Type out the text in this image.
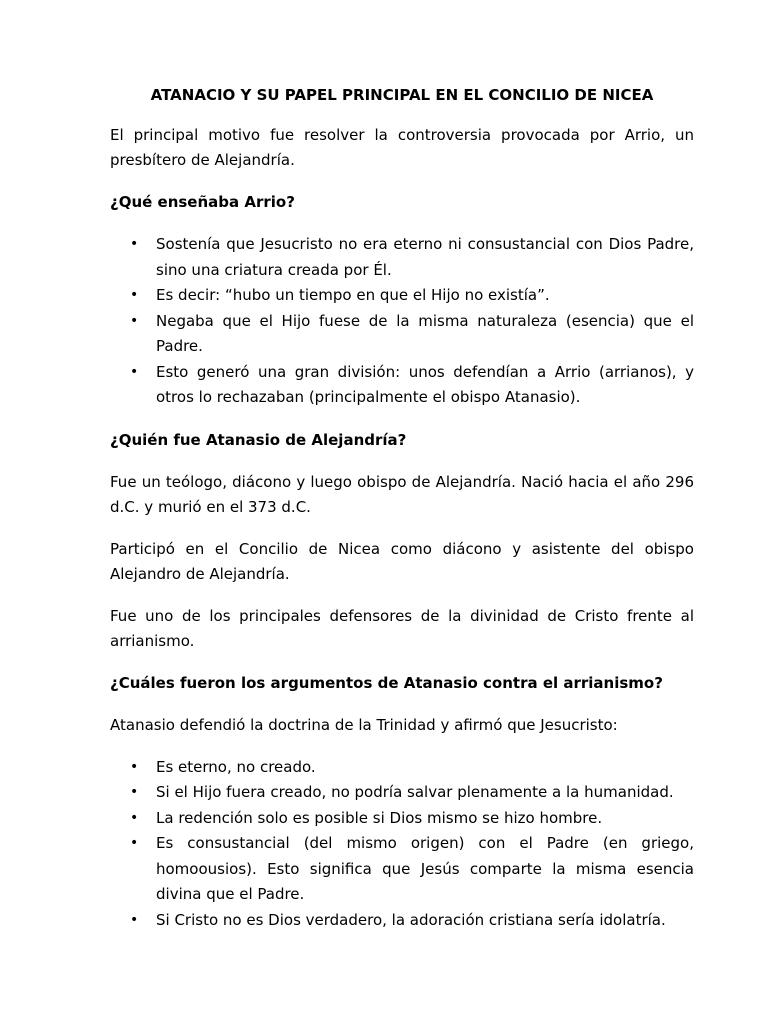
ATANACIO Y SU PAPEL PRINCIPAL EN EL CONCILIO DE NICEA

El principal motivo fue resolver la controversia provocada por Arrio, un presbítero de Alejandría.

¿Qué enseñaba Arrio?
• Sostenía que Jesucristo no era eterno ni consustancial con Dios Padre, sino una criatura creada por Él.
• Es decir: “hubo un tiempo en que el Hijo no existía”.
• Negaba que el Hijo fuese de la misma naturaleza (esencia) que el Padre.
• Esto generó una gran división: unos defendían a Arrio (arrianos), y otros lo rechazaban (principalmente el obispo Atanasio).
¿Quién fue Atanasio de Alejandría?

Fue un teólogo, diácono y luego obispo de Alejandría. Nació hacia el año 296 d.C. y murió en el 373 d.C.

Participó en el Concilio de Nicea como diácono y asistente del obispo Alejandro de Alejandría.

Fue uno de los principales defensores de la divinidad de Cristo frente al arrianismo.

¿Cuáles fueron los argumentos de Atanasio contra el arrianismo?

Atanasio defendió la doctrina de la Trinidad y afirmó que Jesucristo:

• Es eterno, no creado.
• Si el Hijo fuera creado, no podría salvar plenamente a la humanidad.
• La redención solo es posible si Dios mismo se hizo hombre.
• Es consustancial (del mismo origen) con el Padre (en griego, homoousios). Esto significa que Jesús comparte la misma esencia divina que el Padre.
• Si Cristo no es Dios verdadero, la adoración cristiana sería idolatría.
